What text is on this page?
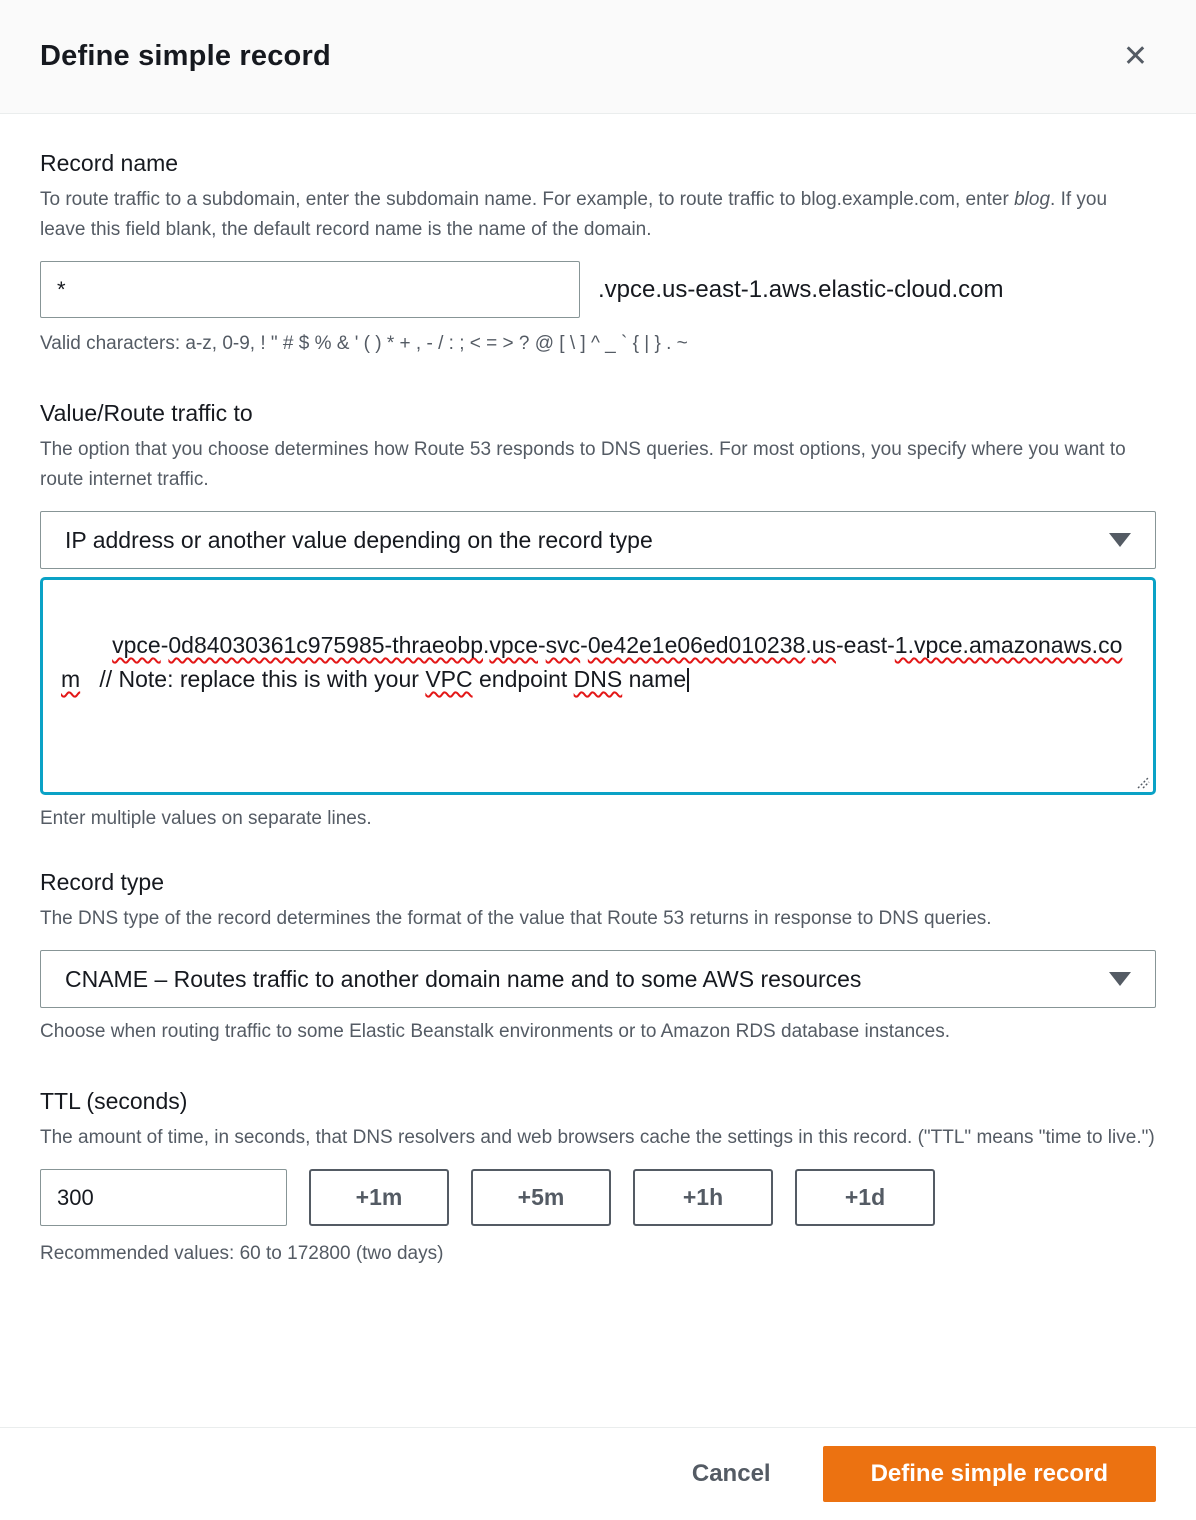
Define simple record	✕
Record name
To route traffic to a subdomain, enter the subdomain name. For example, to route traffic to blog.example.com, enter blog. If you leave this field blank, the default record name is the name of the domain.
*
.vpce.us-east-1.aws.elastic-cloud.com
Valid characters: a-z, 0-9, ! " # $ % & ' ( ) * + , - / : ; < = > ? @ [ \ ] ^ _ ` { | } . ~
Value/Route traffic to
The option that you choose determines how Route 53 responds to DNS queries. For most options, you specify where you want to route internet traffic.
IP address or another value depending on the record type

vpce-0d84030361c975985-thraeobp.vpce-svc-0e42e1e06ed010238.us-east-1.vpce.amazonaws.com   // Note: replace this is with your VPC endpoint DNS name

Enter multiple values on separate lines.
Record type
The DNS type of the record determines the format of the value that Route 53 returns in response to DNS queries.
CNAME – Routes traffic to another domain name and to some AWS resources
Choose when routing traffic to some Elastic Beanstalk environments or to Amazon RDS database instances.
TTL (seconds)
The amount of time, in seconds, that DNS resolvers and web browsers cache the settings in this record. ("TTL" means "time to live.")
300
+1m	+5m	+1h	+1d
Recommended values: 60 to 172800 (two days)
Cancel	Define simple record
